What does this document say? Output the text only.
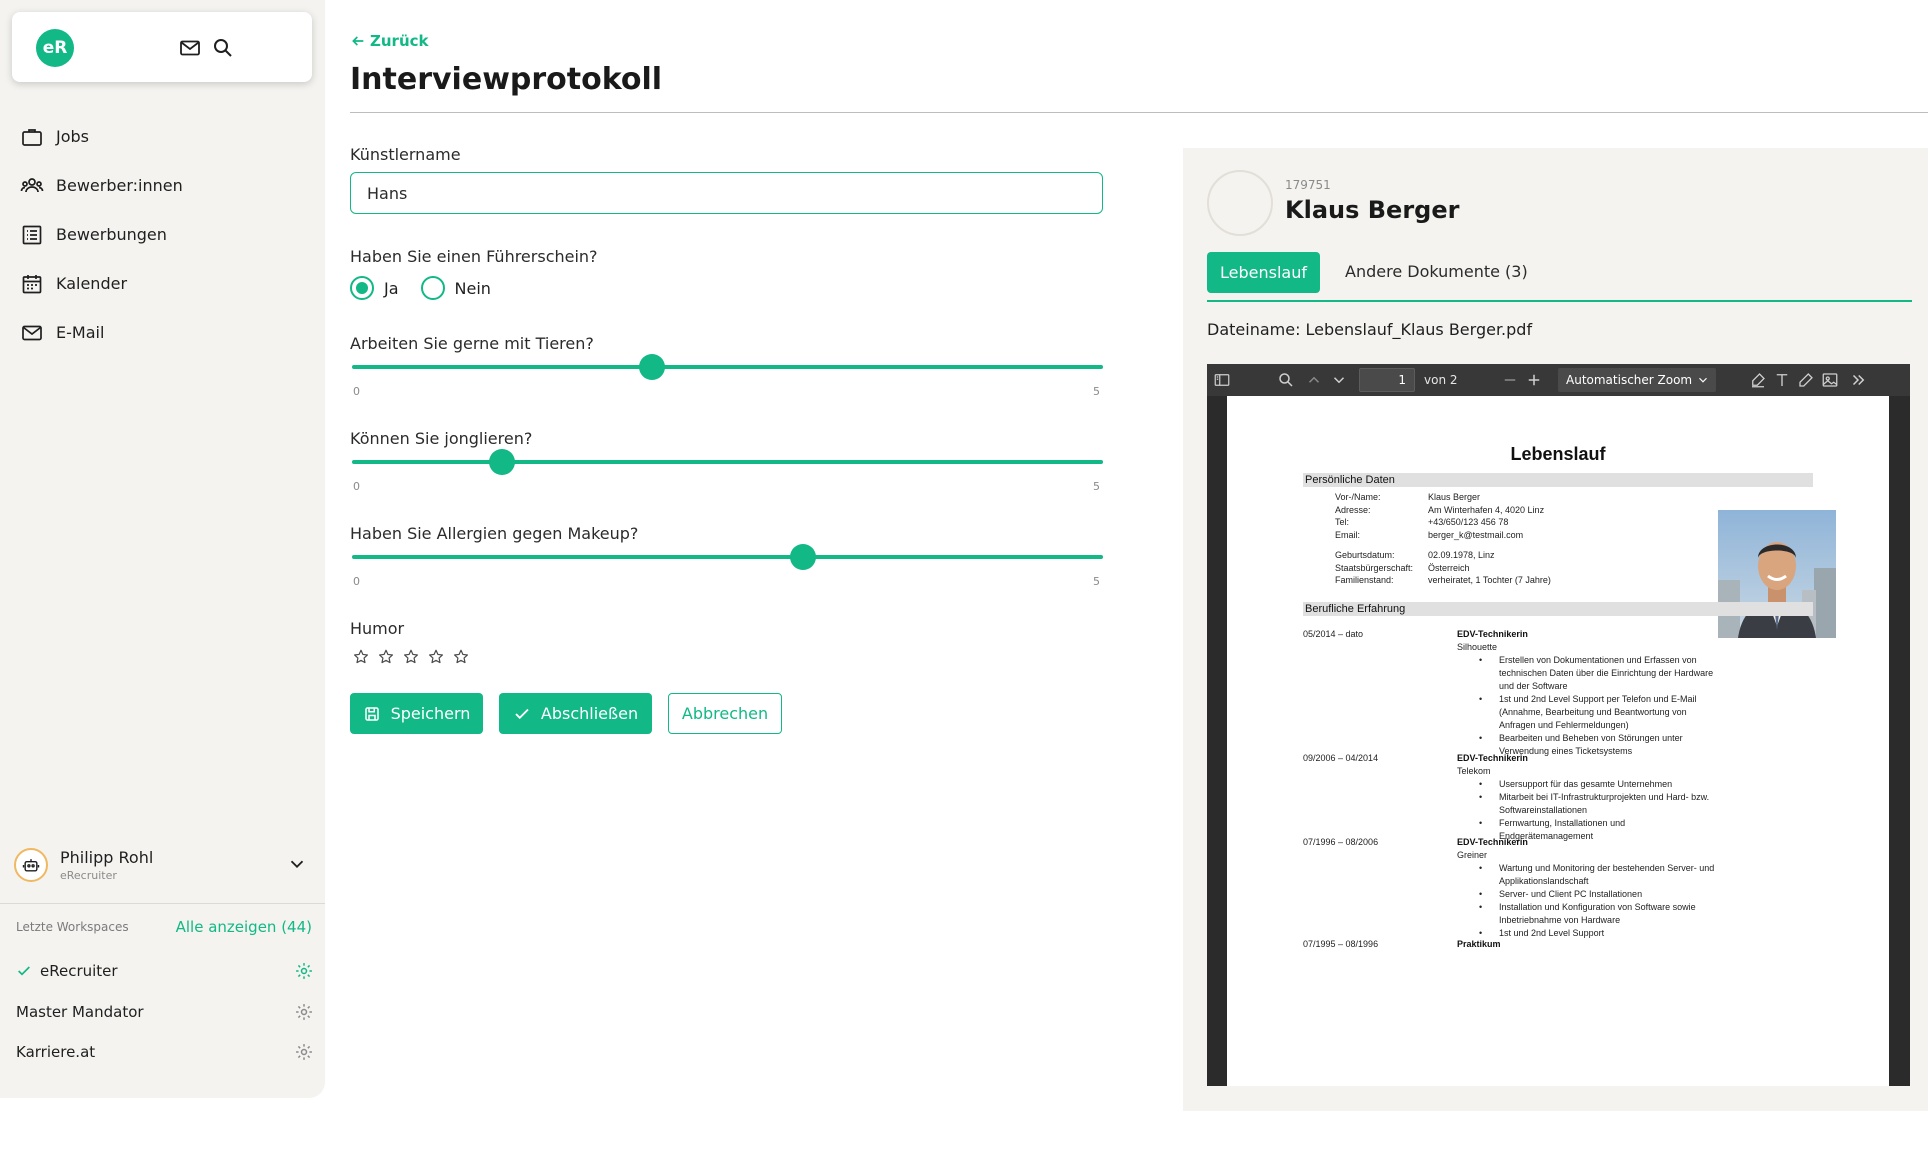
eR
Jobs
Bewerber:innen
Bewerbungen
Kalender
E-Mail
Philipp Rohl
eRecruiter
Letzte Workspaces	Alle anzeigen (44)
eRecruiter
Master Mandator
Karriere.at
Zurück
Interviewprotokoll
Künstlername
Hans
Haben Sie einen Führerschein?
Ja	Nein
Arbeiten Sie gerne mit Tieren?
0	5
Können Sie jonglieren?
0	5
Haben Sie Allergien gegen Makeup?
0	5
Humor
Speichern	Abschließen	Abbrechen
179751
Klaus Berger
Lebenslauf	Andere Dokumente (3)
Dateiname: Lebenslauf_Klaus Berger.pdf
1	von 2	Automatischer Zoom
Lebenslauf
Persönliche Daten
Vor-/Name:	Klaus Berger
Adresse:	Am Winterhafen 4, 4020 Linz
Tel:	+43/650/123 456 78
Email:	berger_k@testmail.com
Geburtsdatum:	02.09.1978, Linz
Staatsbürgerschaft: Österreich
Familienstand:	verheiratet, 1 Tochter (7 Jahre)
Berufliche Erfahrung
05/2014 – dato	EDV-Technikerin
Silhouette
• Erstellen von Dokumentationen und Erfassen von technischen Daten über die Einrichtung der Hardware und der Software
• 1st und 2nd Level Support per Telefon und E-Mail (Annahme, Bearbeitung und Beantwortung von Anfragen und Fehlermeldungen)
• Bearbeiten und Beheben von Störungen unter Verwendung eines Ticketsystems
09/2006 – 04/2014	EDV-Technikerin
Telekom
• Usersupport für das gesamte Unternehmen
• Mitarbeit bei IT-Infrastrukturprojekten und Hard- bzw. Softwareinstallationen
• Fernwartung, Installationen und Endgerätemanagement
07/1996 – 08/2006	EDV-Technikerin
Greiner
• Wartung und Monitoring der bestehenden Server- und Applikationslandschaft
• Server- und Client PC Installationen
• Installation und Konfiguration von Software sowie Inbetriebnahme von Hardware
• 1st und 2nd Level Support
07/1995 – 08/1996	Praktikum
